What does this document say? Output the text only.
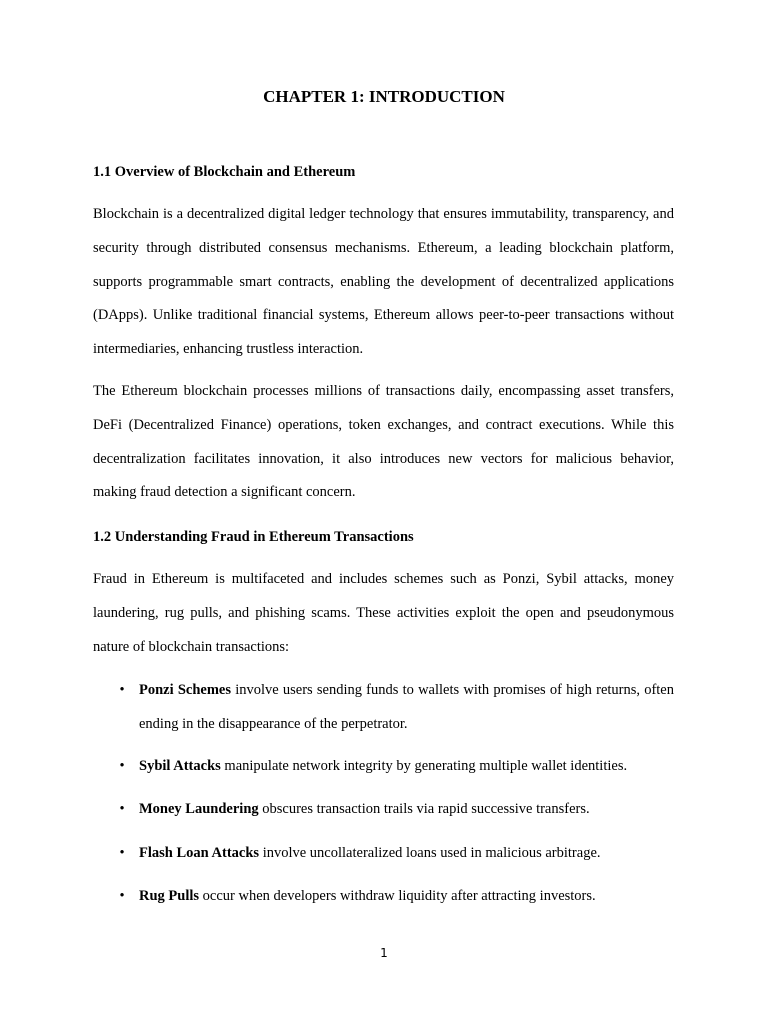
CHAPTER 1: INTRODUCTION
1.1 Overview of Blockchain and Ethereum

Blockchain is a decentralized digital ledger technology that ensures immutability, transparency, and security through distributed consensus mechanisms. Ethereum, a leading blockchain platform, supports programmable smart contracts, enabling the development of decentralized applications (DApps). Unlike traditional financial systems, Ethereum allows peer-to-peer transactions without intermediaries, enhancing trustless interaction.

The Ethereum blockchain processes millions of transactions daily, encompassing asset transfers, DeFi (Decentralized Finance) operations, token exchanges, and contract executions. While this decentralization facilitates innovation, it also introduces new vectors for malicious behavior, making fraud detection a significant concern.

1.2 Understanding Fraud in Ethereum Transactions

Fraud in Ethereum is multifaceted and includes schemes such as Ponzi, Sybil attacks, money laundering, rug pulls, and phishing scams. These activities exploit the open and pseudonymous nature of blockchain transactions:

• Ponzi Schemes involve users sending funds to wallets with promises of high returns, often ending in the disappearance of the perpetrator.
• Sybil Attacks manipulate network integrity by generating multiple wallet identities.
• Money Laundering obscures transaction trails via rapid successive transfers.
• Flash Loan Attacks involve uncollateralized loans used in malicious arbitrage.
• Rug Pulls occur when developers withdraw liquidity after attracting investors.
1
